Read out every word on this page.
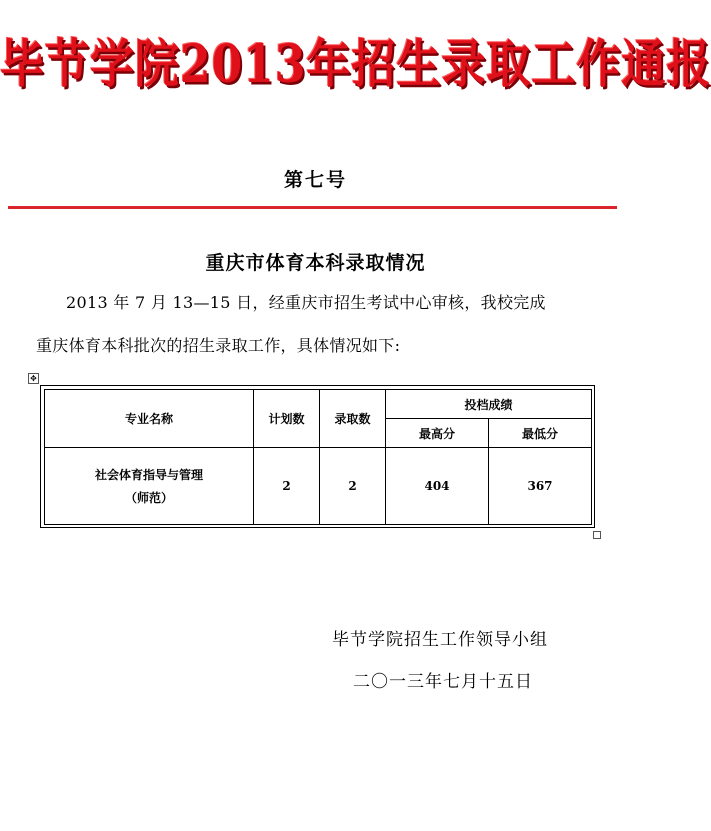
毕节学院2013年招生录取工作通报
第七号
重庆市体育本科录取情况
2013 年 7 月 13—15 日，经重庆市招生考试中心审核，我校完成
重庆体育本科批次的招生录取工作，具体情况如下:
✥
专业名称	计划数	录取数	投档成绩	
			最高分	最低分

社会体育指导与管理
（师范）	2	2	404	367
毕节学院招生工作领导小组
二〇一三年七月十五日
